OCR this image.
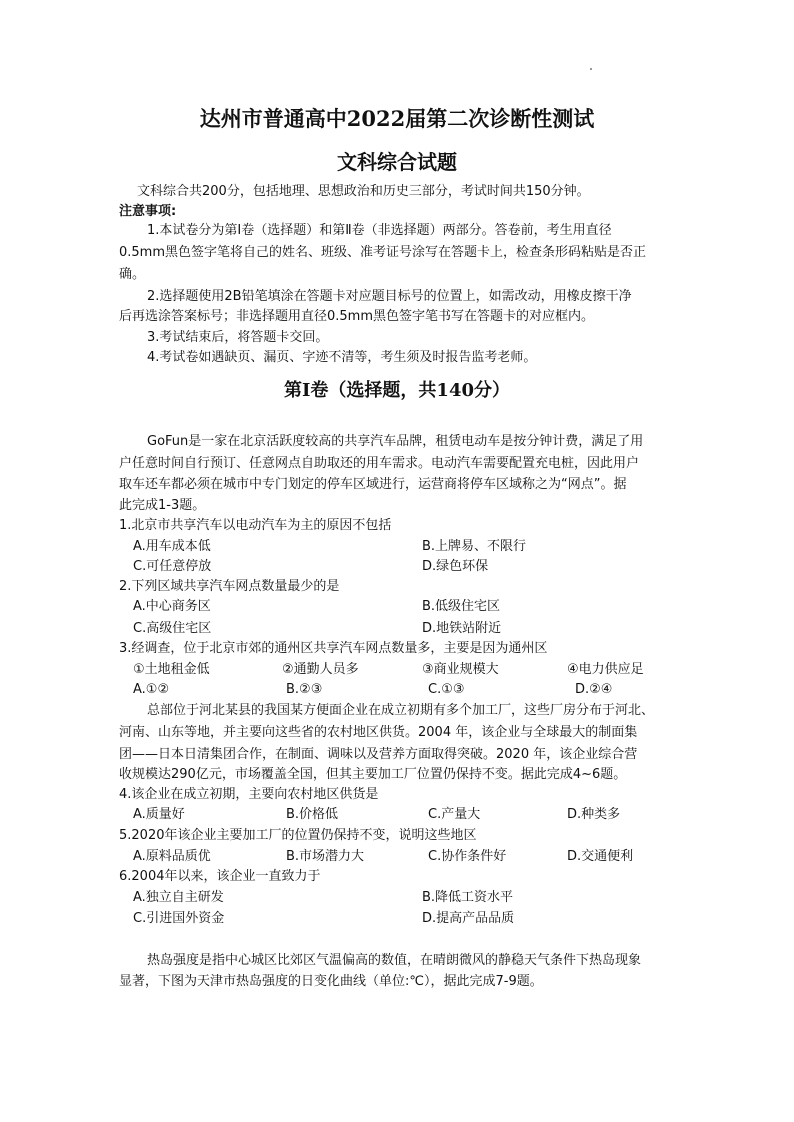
达州市普通高中2022届第二次诊断性测试
文科综合试题
文科综合共200分，包括地理、思想政治和历史三部分，考试时间共150分钟。
注意事项:
1.本试卷分为第Ⅰ卷（选择题）和第Ⅱ卷（非选择题）两部分。答卷前，考生用直径
0.5mm黑色签字笔将自己的姓名、班级、准考证号涂写在答题卡上，检查条形码粘贴是否正
确。
2.选择题使用2B铅笔填涂在答题卡对应题目标号的位置上，如需改动，用橡皮擦干净
后再选涂答案标号；非选择题用直径0.5mm黑色签字笔书写在答题卡的对应框内。
3.考试结束后，将答题卡交回。
4.考试卷如遇缺页、漏页、字迹不清等，考生须及时报告监考老师。
第Ⅰ卷（选择题，共140分）
GoFun是一家在北京活跃度较高的共享汽车品牌，租赁电动车是按分钟计费，满足了用
户任意时间自行预订、任意网点自助取还的用车需求。电动汽车需要配置充电桩，因此用户
取车还车都必须在城市中专门划定的停车区域进行，运营商将停车区域称之为“网点”。据
此完成1-3题。
1.北京市共享汽车以电动汽车为主的原因不包括
A.用车成本低	B.上牌易、不限行
C.可任意停放	D.绿色环保
2.下列区域共享汽车网点数量最少的是
A.中心商务区	B.低级住宅区
C.高级住宅区	D.地铁站附近
3.经调查，位于北京市郊的通州区共享汽车网点数量多，主要是因为通州区
①土地租金低	②通勤人员多	③商业规模大	④电力供应足
A.①②	B.②③	C.①③	D.②④
总部位于河北某县的我国某方便面企业在成立初期有多个加工厂，这些厂房分布于河北、
河南、山东等地，并主要向这些省的农村地区供货。2004 年，该企业与全球最大的制面集
团——日本日清集团合作，在制面、调味以及营养方面取得突破。2020 年，该企业综合营
收规模达290亿元，市场覆盖全国，但其主要加工厂位置仍保持不变。据此完成4~6题。
4.该企业在成立初期，主要向农村地区供货是
A.质量好	B.价格低	C.产量大	D.种类多
5.2020年该企业主要加工厂的位置仍保持不变，说明这些地区
A.原料品质优	B.市场潜力大	C.协作条件好	D.交通便利
6.2004年以来，该企业一直致力于
A.独立自主研发	B.降低工资水平
C.引进国外资金	D.提高产品品质
热岛强度是指中心城区比郊区气温偏高的数值，在晴朗微风的静稳天气条件下热岛现象
显著，下图为天津市热岛强度的日变化曲线（单位:℃），据此完成7-9题。
